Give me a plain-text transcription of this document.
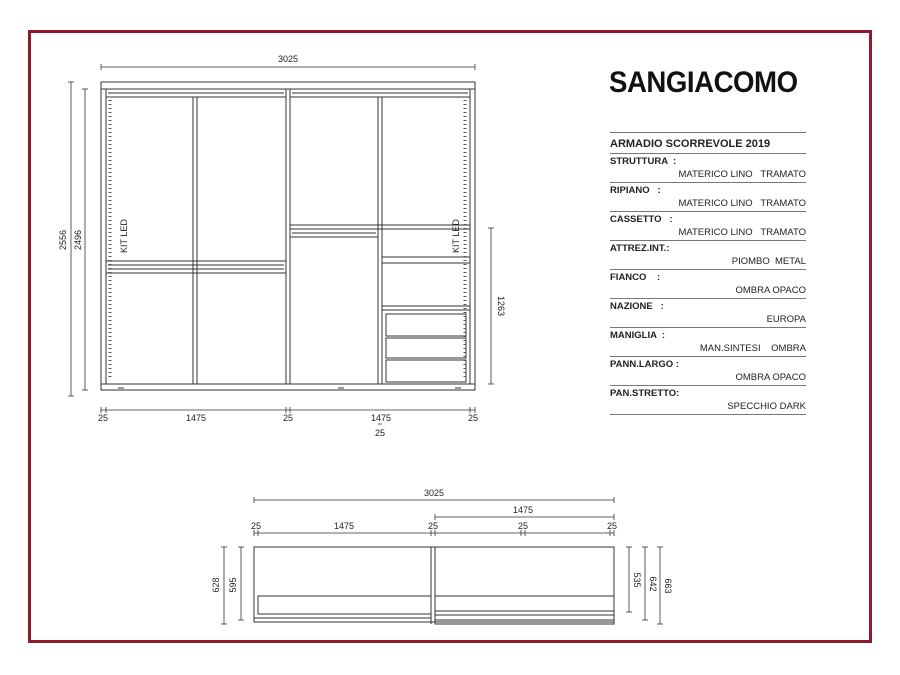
KIT LED	KIT LED
3025
2556 2496
1263
25	1475	25	1475	25
25
3025
1475
25	1475	25	25	25
628 595	535 642 663
SANGIACOMO
ARMADIO SCORREVOLE 2019
STRUTTURA  :
MATERICO LINO   TRAMATO
RIPIANO   :
MATERICO LINO   TRAMATO
CASSETTO   :
MATERICO LINO   TRAMATO
ATTREZ.INT.:
PIOMBO  METAL
FIANCO    :
OMBRA OPACO
NAZIONE   :
EUROPA
MANIGLIA  :
MAN.SINTESI    OMBRA
PANN.LARGO :
OMBRA OPACO
PAN.STRETTO:
SPECCHIO DARK
